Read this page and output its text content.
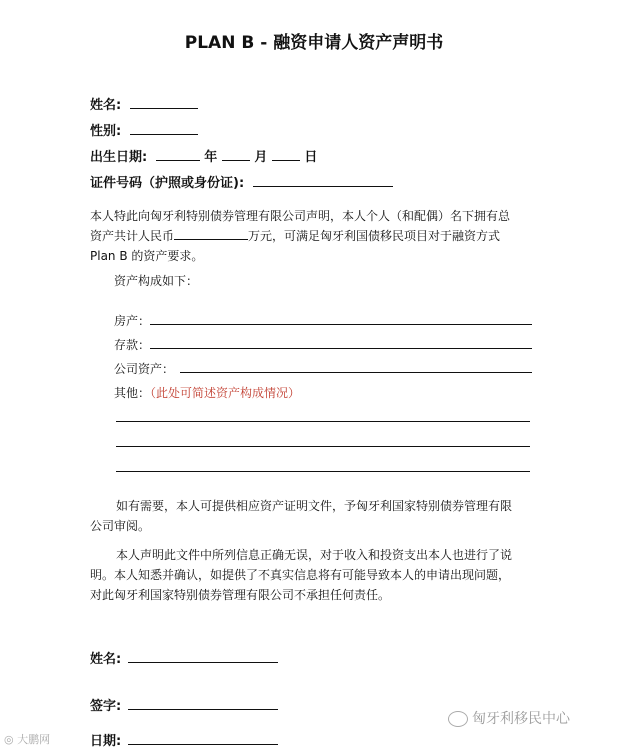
PLAN B - 融资申请人资产声明书
姓名:
性别:
出生日期:	年	月	日
证件号码（护照或身份证):
本人特此向匈牙利特别债券管理有限公司声明，本人个人（和配偶）名下拥有总
资产共计人民币	万元，可满足匈牙利国债移民项目对于融资方式
Plan B 的资产要求。
资产构成如下：
房产：
存款：
公司资产：
其他：（此处可简述资产构成情况）
如有需要，本人可提供相应资产证明文件，予匈牙利国家特别债券管理有限
公司审阅。
本人声明此文件中所列信息正确无误，对于收入和投资支出本人也进行了说
明。本人知悉并确认，如提供了不真实信息将有可能导致本人的申请出现问题，
对此匈牙利国家特别债券管理有限公司不承担任何责任。
姓名:
签字:
日期:
匈牙利移民中心
◎ 大鹏网
